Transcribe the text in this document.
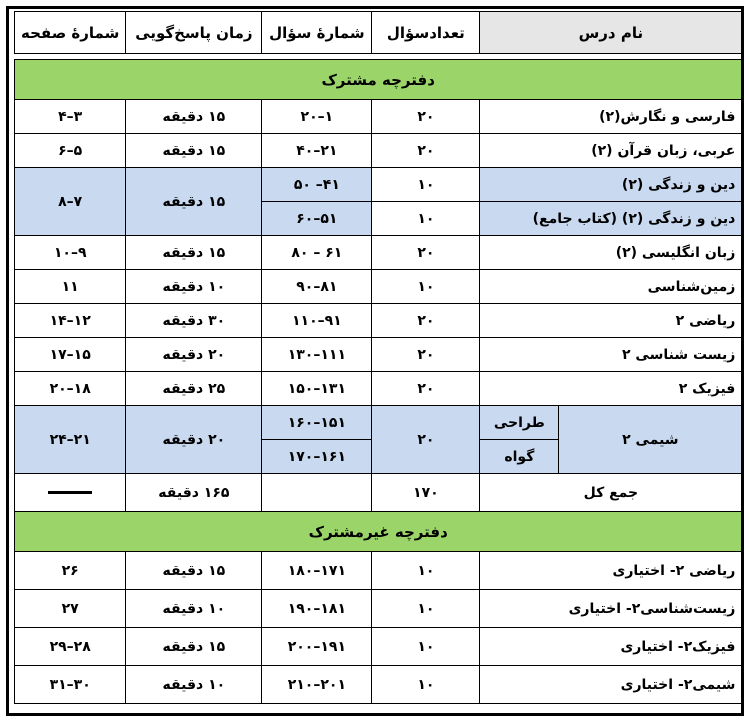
نام درس		تعدادسؤال	شمارهٔ سؤال	زمان پاسخ‌گویی	شمارهٔ صفحه

دفترچه مشترک					
فارسی و نگارش(۲)		۲۰	۱–۲۰	۱۵ دقیقه	۳–۴
عربی، زبان قرآن (۲)		۲۰	۲۱–۴۰	۱۵ دقیقه	۵–۶
دین و زندگی (۲)		۱۰	۴۱– ۵۰	۱۵ دقیقه	۷–۸
دین و زندگی (۲) (کتاب جامع)		۱۰	۵۱–۶۰		
زبان انگلیسی (۲)		۲۰	۶۱ – ۸۰	۱۵ دقیقه	۹–۱۰
زمین‌شناسی		۱۰	۸۱–۹۰	۱۰ دقیقه	۱۱
ریاضی ۲		۲۰	۹۱–۱۱۰	۳۰ دقیقه	۱۲–۱۴
زیست شناسی ۲		۲۰	۱۱۱–۱۳۰	۲۰ دقیقه	۱۵–۱۷
فیزیک ۲		۲۰	۱۳۱–۱۵۰	۲۵ دقیقه	۱۸–۲۰
شیمی ۲	طراحی	۲۰	۱۵۱–۱۶۰	۲۰ دقیقه	۲۱–۲۴
	گواه		۱۶۱–۱۷۰		
جمع کل		۱۷۰		۱۶۵ دقیقه	
دفترچه غیرمشترک					
ریاضی ۲- اختیاری		۱۰	۱۷۱–۱۸۰	۱۵ دقیقه	۲۶
زیست‌شناسی۲- اختیاری		۱۰	۱۸۱–۱۹۰	۱۰ دقیقه	۲۷
فیزیک۲- اختیاری		۱۰	۱۹۱–۲۰۰	۱۵ دقیقه	۲۸–۲۹
شیمی۲- اختیاری		۱۰	۲۰۱–۲۱۰	۱۰ دقیقه	۳۰–۳۱
